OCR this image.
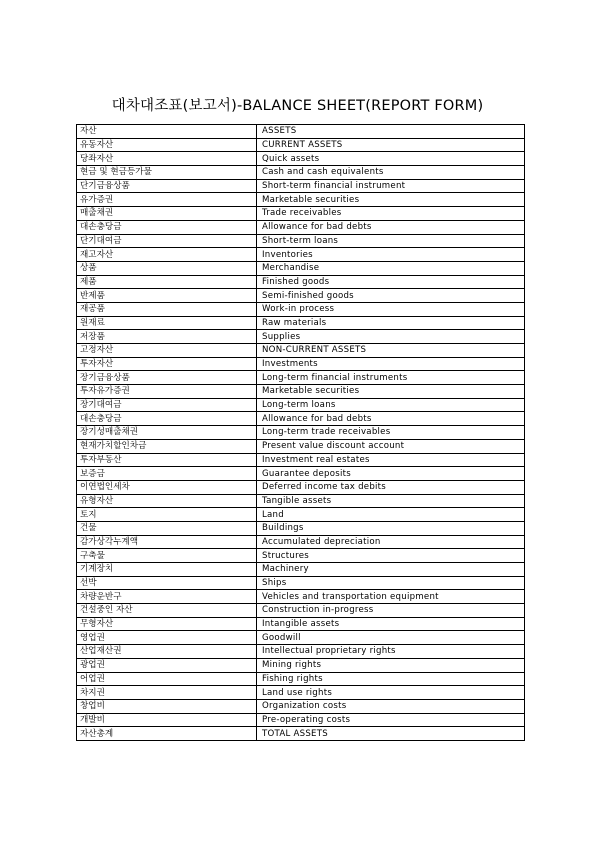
대차대조표(보고서)-BALANCE SHEET(REPORT FORM)
자산	ASSETS
유동자산	CURRENT ASSETS
당좌자산	Quick assets
현금 및 현금등가물	Cash and cash equivalents
단기금융상품	Short-term financial instrument
유가증권	Marketable securities
매출채권	Trade receivables
대손충당금	Allowance for bad debts
단기대여금	Short-term loans
재고자산	Inventories
상품	Merchandise
제품	Finished goods
반제품	Semi-finished goods
재공품	Work-in process
원재료	Raw materials
저장품	Supplies
고정자산	NON-CURRENT ASSETS
투자자산	Investments
장기금융상품	Long-term financial instruments
투자유가증권	Marketable securities
장기대여금	Long-term loans
대손충당금	Allowance for bad debts
장기성매출채권	Long-term trade receivables
현재가치할인차금	Present value discount account
투자부동산	Investment real estates
보증금	Guarantee deposits
이연법인세차	Deferred income tax debits
유형자산	Tangible assets
토지	Land
건물	Buildings
감가상각누계액	Accumulated depreciation
구축물	Structures
기계장치	Machinery
선박	Ships
차량운반구	Vehicles and transportation equipment
건설중인 자산	Construction in-progress
무형자산	Intangible assets
영업권	Goodwill
산업재산권	Intellectual proprietary rights
광업권	Mining rights
어업권	Fishing rights
차지권	Land use rights
창업비	Organization costs
개발비	Pre-operating costs
자산총계	TOTAL ASSETS
